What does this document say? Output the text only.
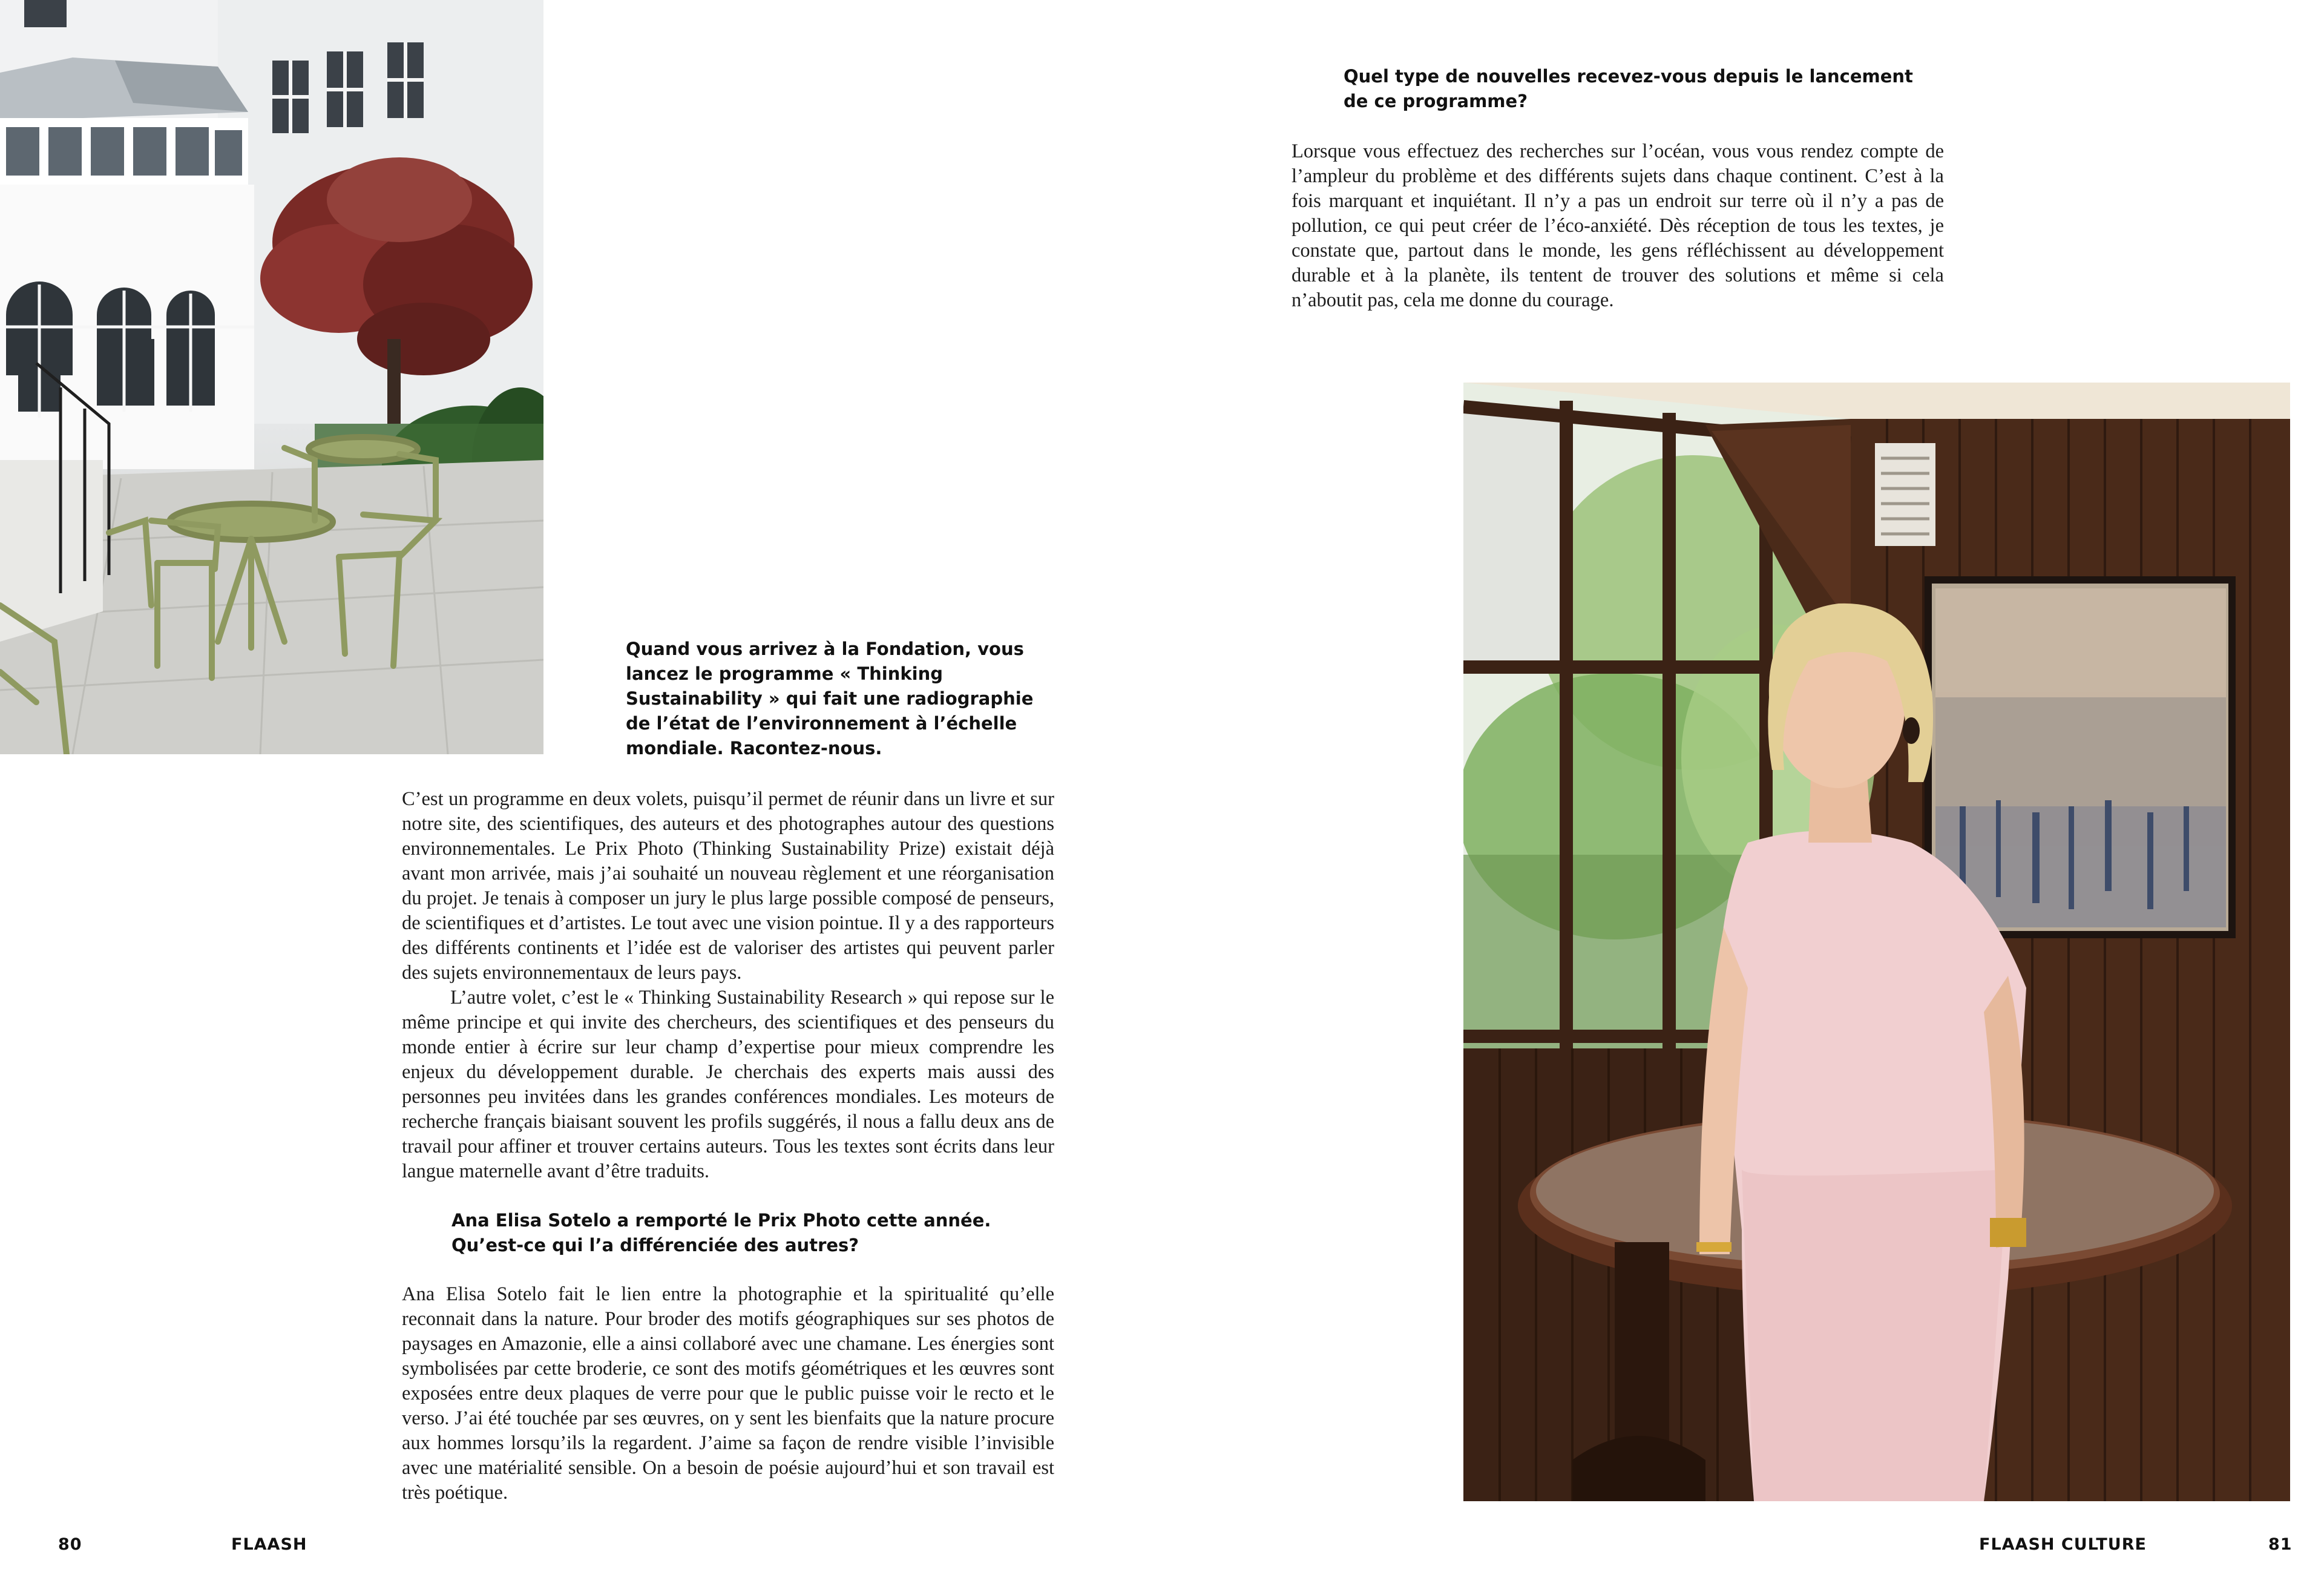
Quand vous arrivez à la Fondation, vous lancez le programme « Thinking Sustainability » qui fait une radiographie de l’état de l’environnement à l’échelle mondiale. Racontez-nous.

C’est un programme en deux volets, puisqu’il permet de réunir dans un livre et sur notre site, des scientifiques, des auteurs et des photographes autour des questions environnementales. Le Prix Photo (Thinking Sustainability Prize) existait déjà avant mon arrivée, mais j’ai souhaité un nouveau règlement et une réorganisation du projet. Je tenais à composer un jury le plus large possible composé de penseurs, de scientifiques et d’artistes. Le tout avec une vision pointue. Il y a des rapporteurs des différents continents et l’idée est de valoriser des artistes qui peuvent parler des sujets environnementaux de leurs pays.

L’autre volet, c’est le « Thinking Sustainability Research » qui repose sur le même principe et qui invite des chercheurs, des scientifiques et des penseurs du monde entier à écrire sur leur champ d’expertise pour mieux comprendre les enjeux du développement durable. Je cherchais des experts mais aussi des personnes peu invitées dans les grandes conférences mondiales. Les moteurs de recherche français biaisant souvent les profils suggérés, il nous a fallu deux ans de travail pour affiner et trouver certains auteurs. Tous les textes sont écrits dans leur langue maternelle avant d’être traduits.

Ana Elisa Sotelo a remporté le Prix Photo cette année. Qu’est-ce qui l’a différenciée des autres?

Ana Elisa Sotelo fait le lien entre la photographie et la spiritualité qu’elle reconnait dans la nature. Pour broder des motifs géographiques sur ses photos de paysages en Amazonie, elle a ainsi collaboré avec une chamane. Les énergies sont symbolisées par cette broderie, ce sont des motifs géométriques et les œuvres sont exposées entre deux plaques de verre pour que le public puisse voir le recto et le verso. J’ai été touchée par ses œuvres, on y sent les bienfaits que la nature procure aux hommes lorsqu’ils la regardent. J’aime sa façon de rendre visible l’invisible avec une matérialité sensible. On a besoin de poésie aujourd’hui et son travail est très poétique.

Quel type de nouvelles recevez-vous depuis le lancement de ce programme?

Lorsque vous effectuez des recherches sur l’océan, vous vous rendez compte de l’ampleur du problème et des différents sujets dans chaque continent. C’est à la fois marquant et inquiétant. Il n’y a pas un endroit sur terre où il n’y a pas de pollution, ce qui peut créer de l’éco-anxiété. Dès réception de tous les textes, je constate que, partout dans le monde, les gens réfléchissent au développement durable et à la planète, ils tentent de trouver des solutions et même si cela n’aboutit pas, cela me donne du courage.

80	FLAASH	FLAASH CULTURE	81
